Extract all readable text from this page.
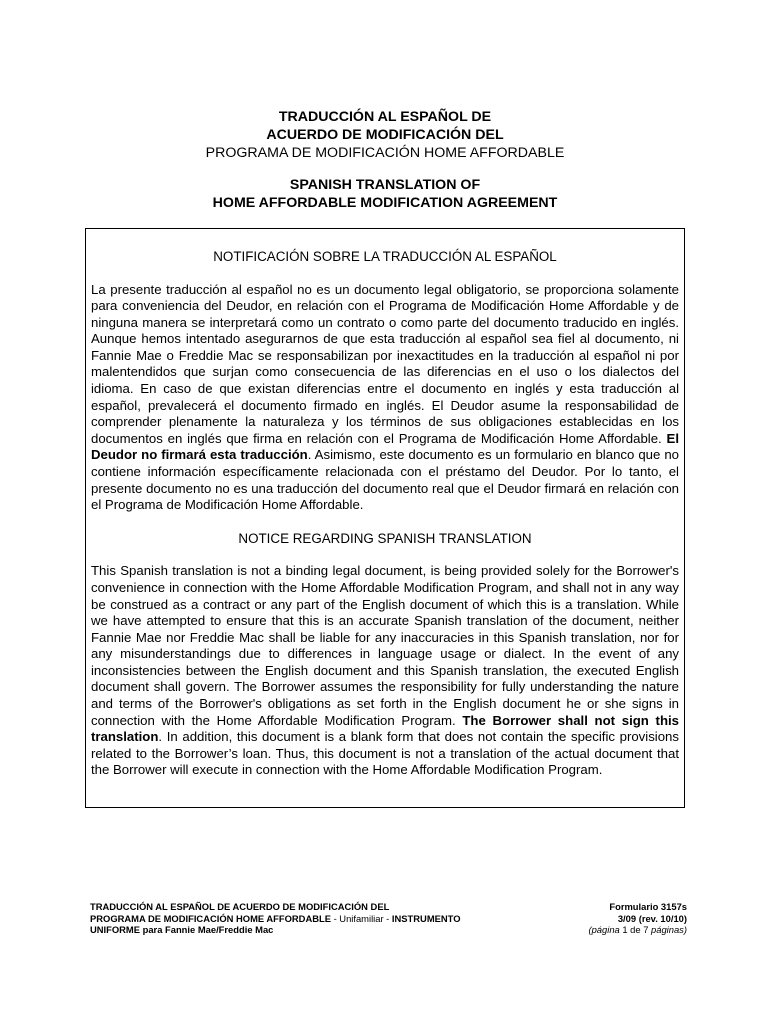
TRADUCCIÓN AL ESPAÑOL DE
ACUERDO DE MODIFICACIÓN DEL
PROGRAMA DE MODIFICACIÓN HOME AFFORDABLE
SPANISH TRANSLATION OF
HOME AFFORDABLE MODIFICATION AGREEMENT
NOTIFICACIÓN SOBRE LA TRADUCCIÓN AL ESPAÑOL

La presente traducción al español no es un documento legal obligatorio, se proporciona solamente para conveniencia del Deudor, en relación con el Programa de Modificación Home Affordable y de ninguna manera se interpretará como un contrato o como parte del documento traducido en inglés. Aunque hemos intentado asegurarnos de que esta traducción al español sea fiel al documento, ni Fannie Mae o Freddie Mac se responsabilizan por inexactitudes en la traducción al español ni por malentendidos que surjan como consecuencia de las diferencias en el uso o los dialectos del idioma. En caso de que existan diferencias entre el documento en inglés y esta traducción al español, prevalecerá el documento firmado en inglés. El Deudor asume la responsabilidad de comprender plenamente la naturaleza y los términos de sus obligaciones establecidas en los documentos en inglés que firma en relación con el Programa de Modificación Home Affordable. El Deudor no firmará esta traducción. Asimismo, este documento es un formulario en blanco que no contiene información específicamente relacionada con el préstamo del Deudor. Por lo tanto, el presente documento no es una traducción del documento real que el Deudor firmará en relación con el Programa de Modificación Home Affordable.

NOTICE REGARDING SPANISH TRANSLATION

This Spanish translation is not a binding legal document, is being provided solely for the Borrower's convenience in connection with the Home Affordable Modification Program, and shall not in any way be construed as a contract or any part of the English document of which this is a translation. While we have attempted to ensure that this is an accurate Spanish translation of the document, neither Fannie Mae nor Freddie Mac shall be liable for any inaccuracies in this Spanish translation, nor for any misunderstandings due to differences in language usage or dialect. In the event of any inconsistencies between the English document and this Spanish translation, the executed English document shall govern. The Borrower assumes the responsibility for fully understanding the nature and terms of the Borrower's obligations as set forth in the English document he or she signs in connection with the Home Affordable Modification Program. The Borrower shall not sign this translation. In addition, this document is a blank form that does not contain the specific provisions related to the Borrower’s loan. Thus, this document is not a translation of the actual document that the Borrower will execute in connection with the Home Affordable Modification Program.

TRADUCCIÓN AL ESPAÑOL DE ACUERDO DE MODIFICACIÓN DEL
PROGRAMA DE MODIFICACIÓN HOME AFFORDABLE - Unifamiliar - INSTRUMENTO
UNIFORME para Fannie Mae/Freddie Mac
Formulario 3157s
3/09 (rev. 10/10)
(página 1 de 7 páginas)
